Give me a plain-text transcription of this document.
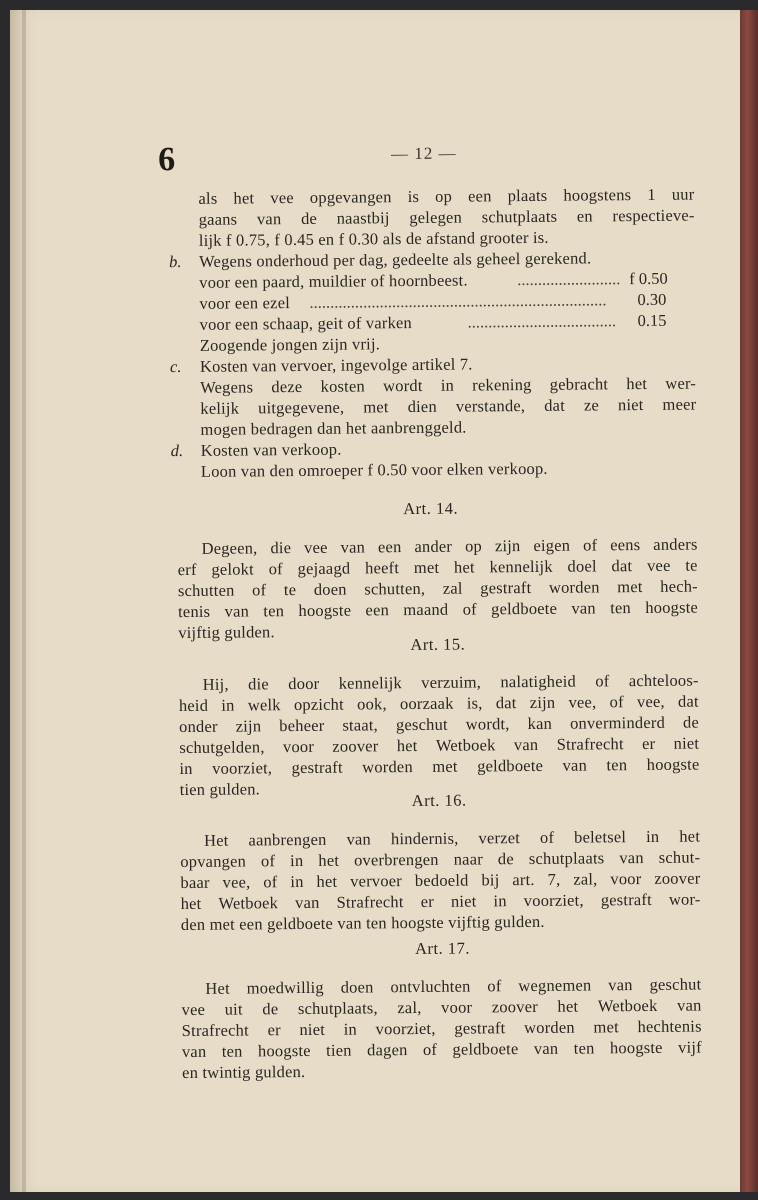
6	— 12 —
als het vee opgevangen is op een plaats hoogstens 1 uur
gaans van de naastbij gelegen schutplaats en respectieve-
lijk f 0.75, f 0.45 en f 0.30 als de afstand grooter is.
b. Wegens onderhoud per dag, gedeelte als geheel gerekend.
voor een paard, muildier of hoornbeest.	......................... f 0.50
voor een ezel ........................................................................	0.30
voor een schaap, geit of varken	....................................	0.15
Zoogende jongen zijn vrij.
c. Kosten van vervoer, ingevolge artikel 7.
Wegens deze kosten wordt in rekening gebracht het wer-
kelijk uitgegevene, met dien verstande, dat ze niet meer
mogen bedragen dan het aanbrenggeld.
d. Kosten van verkoop.
Loon van den omroeper f 0.50 voor elken verkoop.
Art. 14.
Degeen, die vee van een ander op zijn eigen of eens anders
erf gelokt of gejaagd heeft met het kennelijk doel dat vee te
schutten of te doen schutten, zal gestraft worden met hech-
tenis van ten hoogste een maand of geldboete van ten hoogste
vijftig gulden.
Art. 15.
Hij, die door kennelijk verzuim, nalatigheid of achteloos-
heid in welk opzicht ook, oorzaak is, dat zijn vee, of vee, dat
onder zijn beheer staat, geschut wordt, kan onverminderd de
schutgelden, voor zoover het Wetboek van Strafrecht er niet
in voorziet, gestraft worden met geldboete van ten hoogste
tien gulden.
Art. 16.
Het aanbrengen van hindernis, verzet of beletsel in het
opvangen of in het overbrengen naar de schutplaats van schut-
baar vee, of in het vervoer bedoeld bij art. 7, zal, voor zoover
het Wetboek van Strafrecht er niet in voorziet, gestraft wor-
den met een geldboete van ten hoogste vijftig gulden.
Art. 17.
Het moedwillig doen ontvluchten of wegnemen van geschut
vee uit de schutplaats, zal, voor zoover het Wetboek van
Strafrecht er niet in voorziet, gestraft worden met hechtenis
van ten hoogste tien dagen of geldboete van ten hoogste vijf
en twintig gulden.
